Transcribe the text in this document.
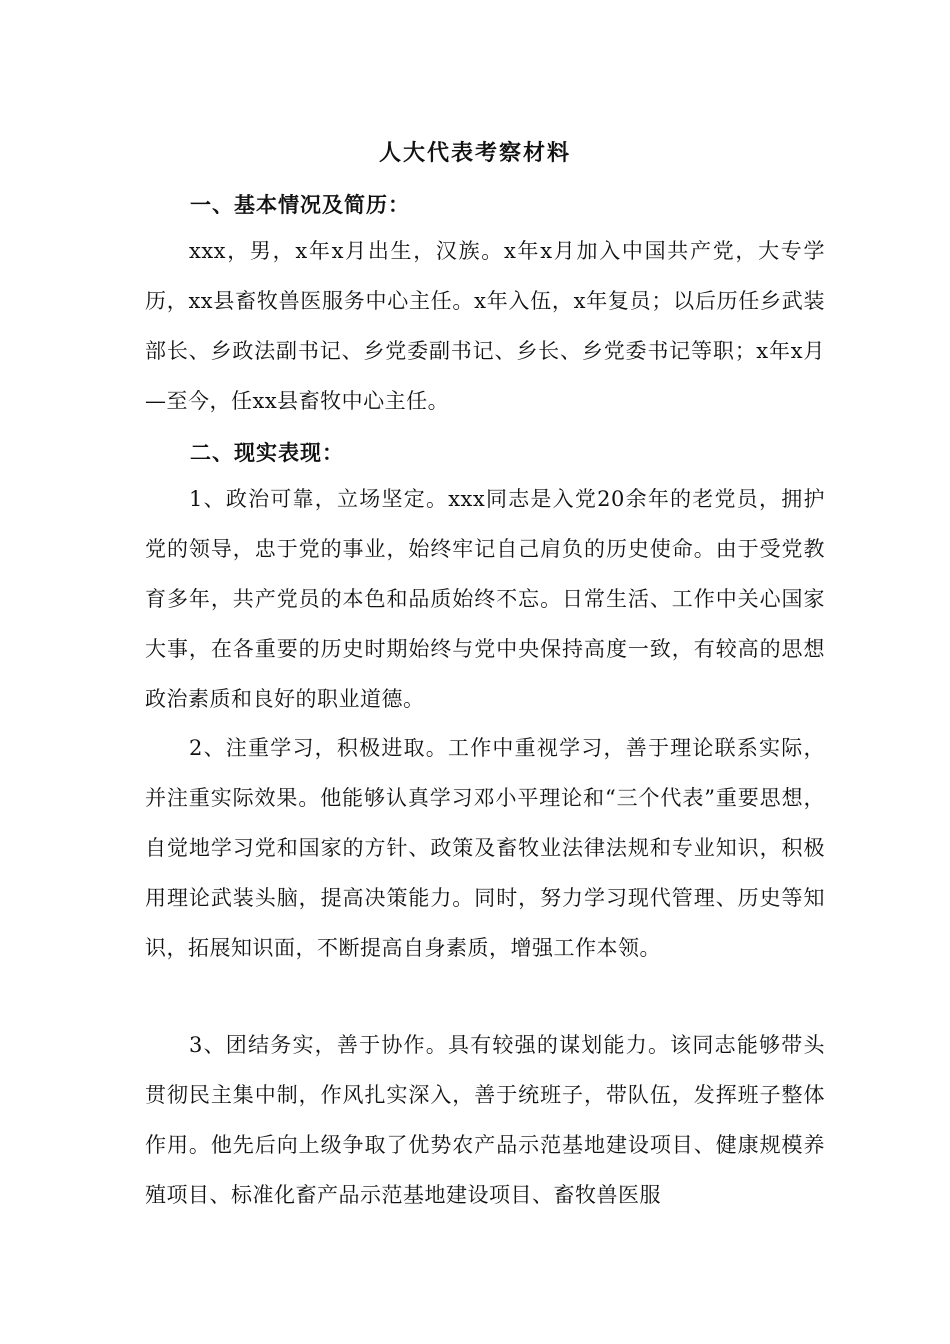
人大代表考察材料
一、基本情况及简历：
xxx，男，x年x月出生，汉族。x年x月加入中国共产党，大专学历，xx县畜牧兽医服务中心主任。x年入伍，x年复员；以后历任乡武装部长、乡政法副书记、乡党委副书记、乡长、乡党委书记等职；x年x月—至今，任xx县畜牧中心主任。
二、现实表现：
1、政治可靠，立场坚定。xxx同志是入党20余年的老党员，拥护党的领导，忠于党的事业，始终牢记自己肩负的历史使命。由于受党教育多年，共产党员的本色和品质始终不忘。日常生活、工作中关心国家大事，在各重要的历史时期始终与党中央保持高度一致，有较高的思想政治素质和良好的职业道德。
2、注重学习，积极进取。工作中重视学习，善于理论联系实际，并注重实际效果。他能够认真学习邓小平理论和“三个代表”重要思想，自觉地学习党和国家的方针、政策及畜牧业法律法规和专业知识，积极用理论武装头脑，提高决策能力。同时，努力学习现代管理、历史等知识，拓展知识面，不断提高自身素质，增强工作本领。
3、团结务实，善于协作。具有较强的谋划能力。该同志能够带头贯彻民主集中制，作风扎实深入，善于统班子，带队伍，发挥班子整体作用。他先后向上级争取了优势农产品示范基地建设项目、健康规模养殖项目、标准化畜产品示范基地建设项目、畜牧兽医服
